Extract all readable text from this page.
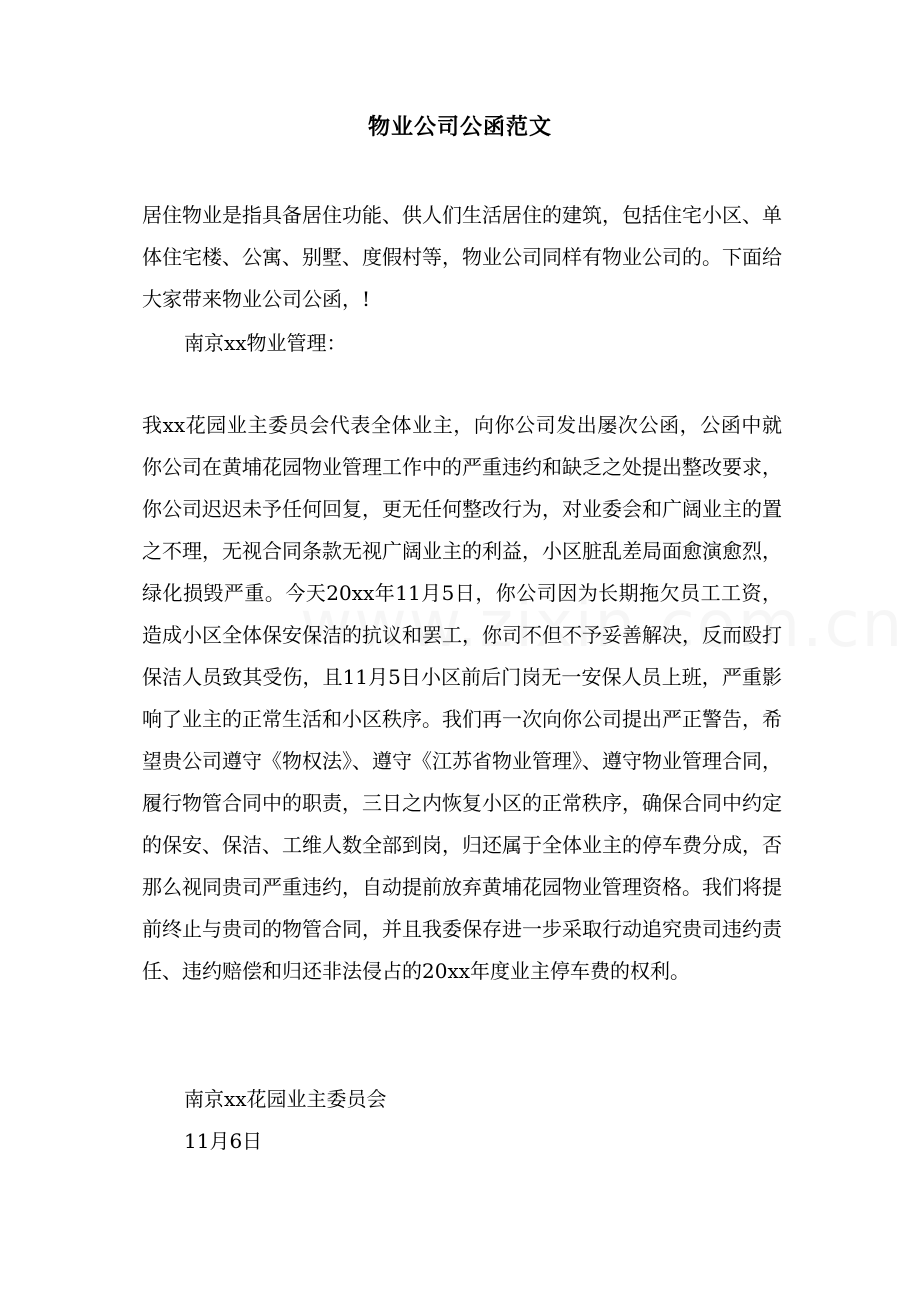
物业公司公函范文

居住物业是指具备居住功能、供人们生活居住的建筑，包括住宅小区、单体住宅楼、公寓、别墅、度假村等，物业公司同样有物业公司的。下面给大家带来物业公司公函，!

南京xx物业管理：

我xx花园业主委员会代表全体业主，向你公司发出屡次公函，公函中就你公司在黄埔花园物业管理工作中的严重违约和缺乏之处提出整改要求，你公司迟迟未予任何回复，更无任何整改行为，对业委会和广阔业主的置之不理，无视合同条款无视广阔业主的利益，小区脏乱差局面愈演愈烈，绿化损毁严重。今天20xx年11月5日，你公司因为长期拖欠员工工资，造成小区全体保安保洁的抗议和罢工，你司不但不予妥善解决，反而殴打保洁人员致其受伤，且11月5日小区前后门岗无一安保人员上班，严重影响了业主的正常生活和小区秩序。我们再一次向你公司提出严正警告，希望贵公司遵守《物权法》、遵守《江苏省物业管理》、遵守物业管理合同，履行物管合同中的职责，三日之内恢复小区的正常秩序，确保合同中约定的保安、保洁、工维人数全部到岗，归还属于全体业主的停车费分成，否那么视同贵司严重违约，自动提前放弃黄埔花园物业管理资格。我们将提前终止与贵司的物管合同，并且我委保存进一步采取行动追究贵司违约责任、违约赔偿和归还非法侵占的20xx年度业主停车费的权利。

南京xx花园业主委员会

11月6日
